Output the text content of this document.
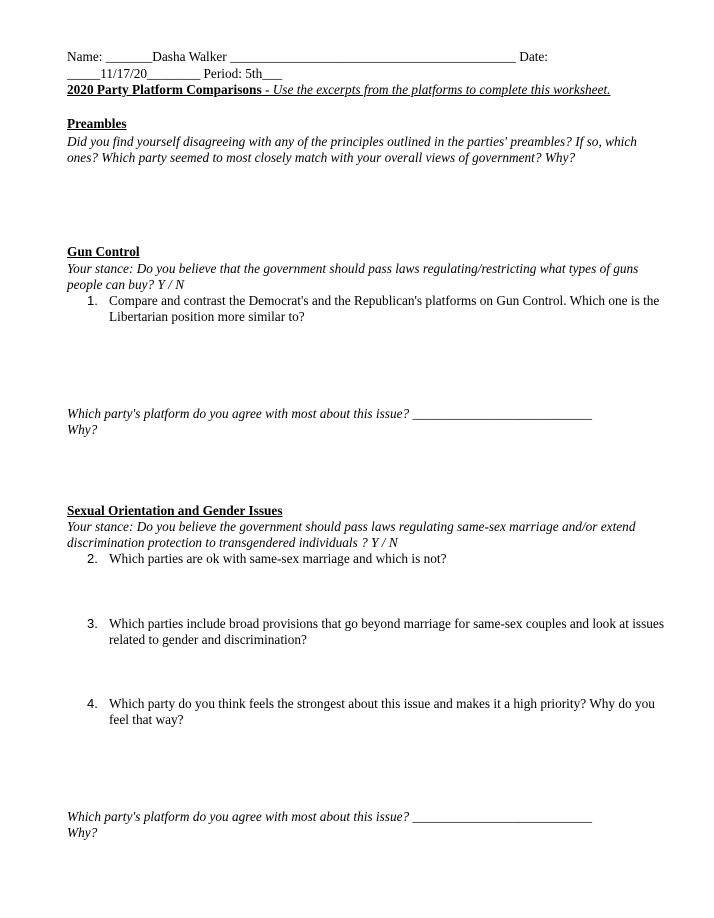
Name: _______Dasha Walker ___________________________________________ Date:
_____11/17/20________ Period: 5th___
2020 Party Platform Comparisons - Use the excerpts from the platforms to complete this worksheet.
Preambles
Did you find yourself disagreeing with any of the principles outlined in the parties' preambles? If so, which ones? Which party seemed to most closely match with your overall views of government? Why?
Gun Control
Your stance: Do you believe that the government should pass laws regulating/restricting what types of guns people can buy? Y / N
1. Compare and contrast the Democrat's and the Republican's platforms on Gun Control. Which one is the Libertarian position more similar to?
Which party's platform do you agree with most about this issue? ___________________________
Why?
Sexual Orientation and Gender Issues
Your stance: Do you believe the government should pass laws regulating same-sex marriage and/or extend discrimination protection to transgendered individuals ? Y / N
2. Which parties are ok with same-sex marriage and which is not?
3. Which parties include broad provisions that go beyond marriage for same-sex couples and look at issues related to gender and discrimination?
4. Which party do you think feels the strongest about this issue and makes it a high priority? Why do you feel that way?
Which party's platform do you agree with most about this issue? ___________________________
Why?
